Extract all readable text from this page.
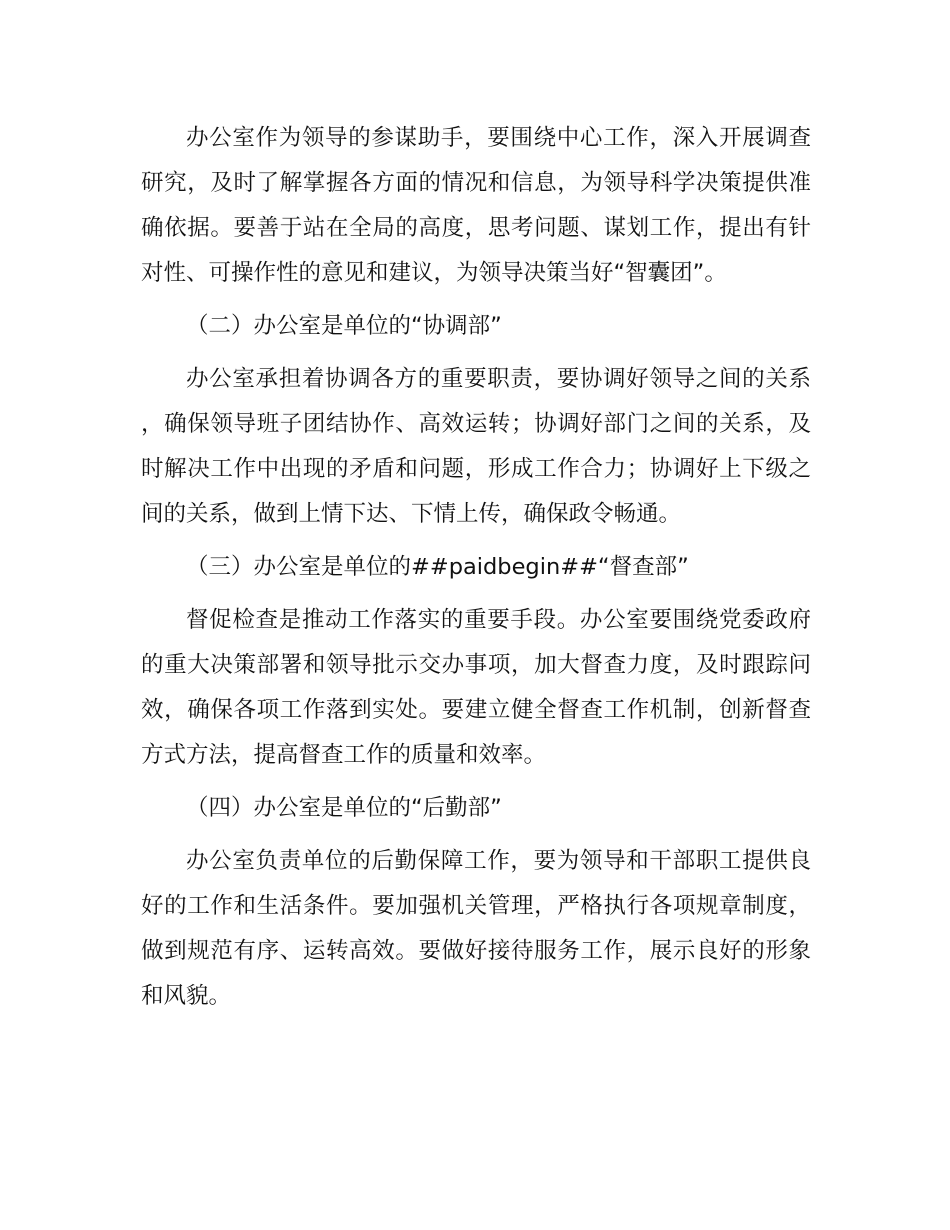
办公室作为领导的参谋助手，要围绕中心工作，深入开展调查研究，及时了解掌握各方面的情况和信息，为领导科学决策提供准确依据。要善于站在全局的高度，思考问题、谋划工作，提出有针对性、可操作性的意见和建议，为领导决策当好“智囊团”。

（二）办公室是单位的“协调部”

办公室承担着协调各方的重要职责，要协调好领导之间的关系，确保领导班子团结协作、高效运转；协调好部门之间的关系，及时解决工作中出现的矛盾和问题，形成工作合力；协调好上下级之间的关系，做到上情下达、下情上传，确保政令畅通。

（三）办公室是单位的##paidbegin##“督查部”

督促检查是推动工作落实的重要手段。办公室要围绕党委政府的重大决策部署和领导批示交办事项，加大督查力度，及时跟踪问效，确保各项工作落到实处。要建立健全督查工作机制，创新督查方式方法，提高督查工作的质量和效率。

（四）办公室是单位的“后勤部”

办公室负责单位的后勤保障工作，要为领导和干部职工提供良好的工作和生活条件。要加强机关管理，严格执行各项规章制度，做到规范有序、运转高效。要做好接待服务工作，展示良好的形象和风貌。
